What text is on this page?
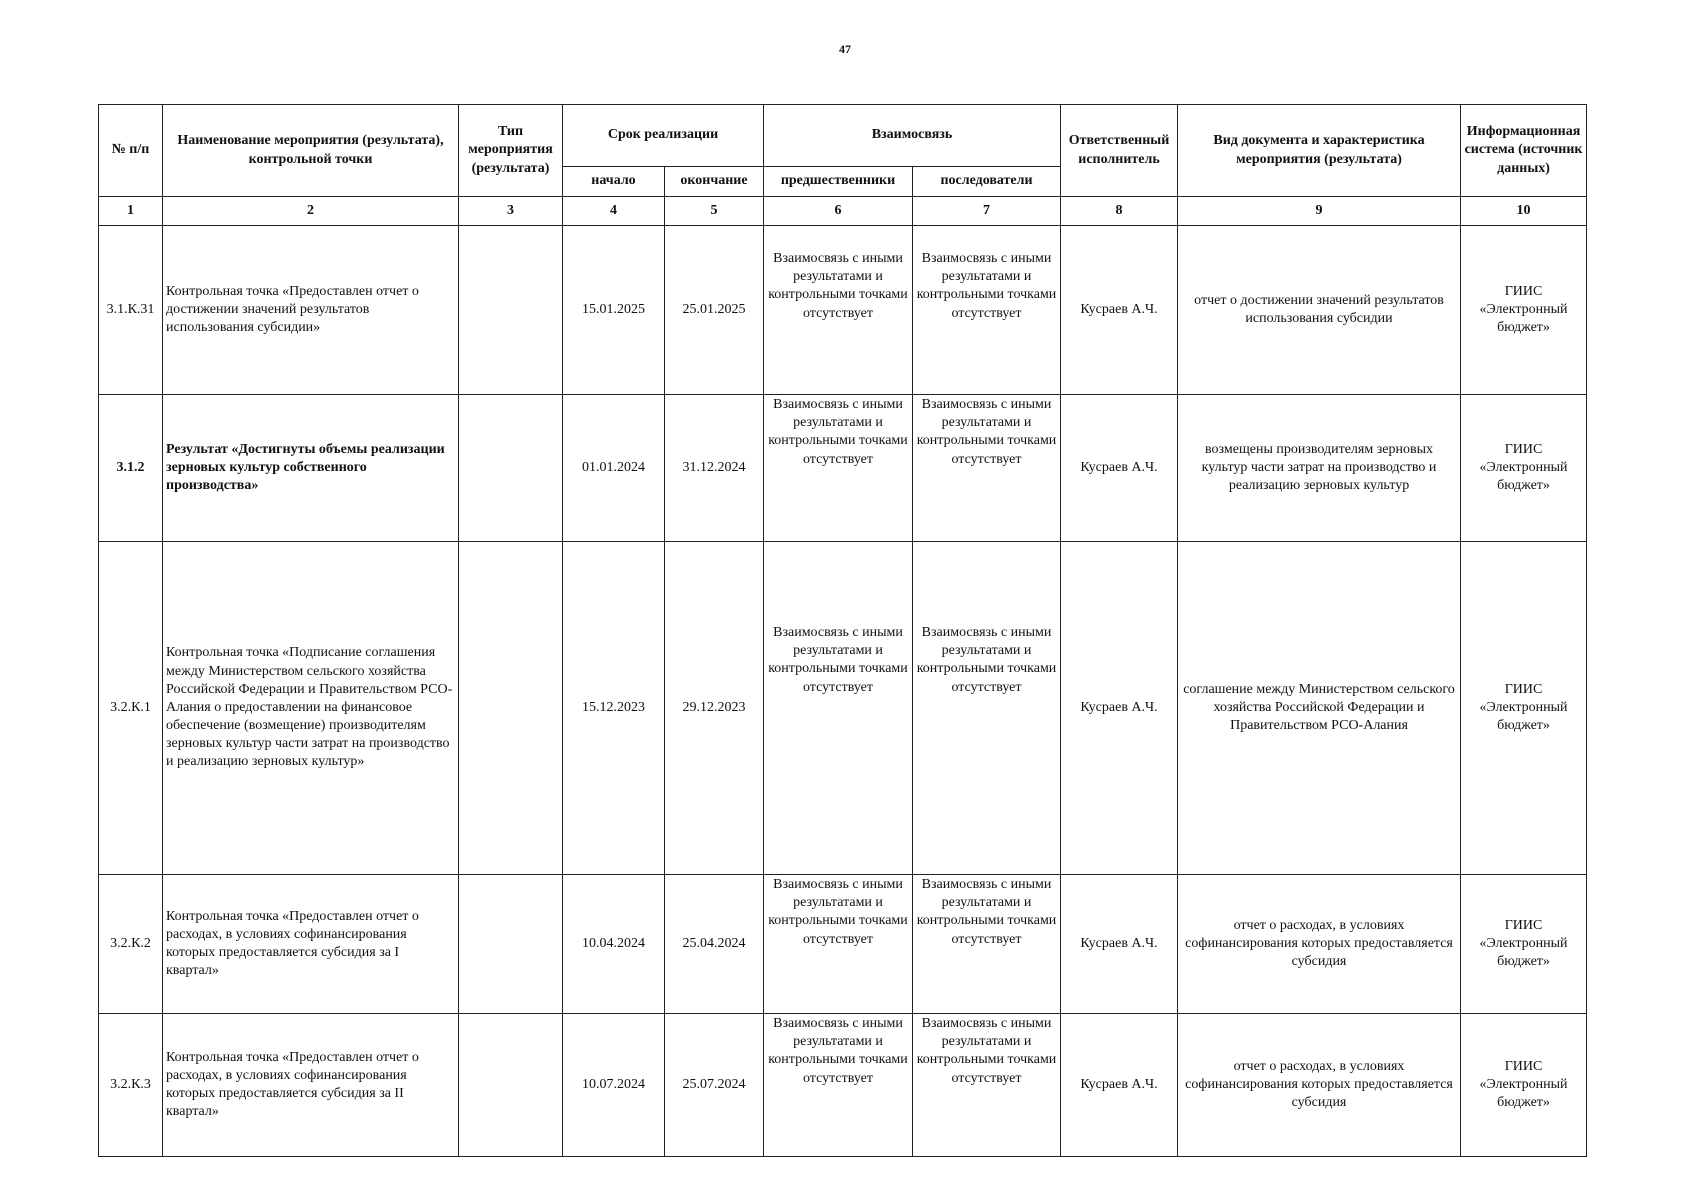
47
№ п/п	Наименование мероприятия (результата), контрольной точки	Тип мероприятия (результата)	Срок реализации		Взаимосвязь		Ответственный исполнитель	Вид документа и характеристика мероприятия (результата)	Информационная система (источник данных)
			начало	окончание	предшественники	последователи			
1	2	3	4	5	6	7	8	9	10
3.1.К.31	Контрольная точка «Предоставлен отчет о достижении значений результатов использования субсидии»		15.01.2025	25.01.2025	Взаимосвязь с иными результатами и контрольными точками отсутствует	Взаимосвязь с иными результатами и контрольными точками отсутствует	Кусраев А.Ч.	отчет о достижении значений результатов использования субсидии	ГИИС «Электронный бюджет»
3.1.2	Результат «Достигнуты объемы реализации зерновых культур собственного производства»		01.01.2024	31.12.2024	Взаимосвязь с иными результатами и контрольными точками отсутствует	Взаимосвязь с иными результатами и контрольными точками отсутствует	Кусраев А.Ч.	возмещены производителям зерновых культур части затрат на производство и реализацию зерновых культур	ГИИС «Электронный бюджет»
3.2.К.1	Контрольная точка «Подписание соглашения между Министерством сельского хозяйства Российской Федерации и Правительством РСО-Алания о предоставлении на финансовое обеспечение (возмещение) производителям зерновых культур части затрат на производство и реализацию зерновых культур»		15.12.2023	29.12.2023	Взаимосвязь с иными результатами и контрольными точками отсутствует	Взаимосвязь с иными результатами и контрольными точками отсутствует	Кусраев А.Ч.	соглашение между Министерством сельского хозяйства Российской Федерации и Правительством РСО-Алания	ГИИС «Электронный бюджет»
3.2.К.2	Контрольная точка «Предоставлен отчет о расходах, в условиях софинансирования которых предоставляется субсидия за I квартал»		10.04.2024	25.04.2024	Взаимосвязь с иными результатами и контрольными точками отсутствует	Взаимосвязь с иными результатами и контрольными точками отсутствует	Кусраев А.Ч.	отчет о расходах, в условиях софинансирования которых предоставляется субсидия	ГИИС «Электронный бюджет»
3.2.К.3	Контрольная точка «Предоставлен отчет о расходах, в условиях софинансирования которых предоставляется субсидия за II квартал»		10.07.2024	25.07.2024	Взаимосвязь с иными результатами и контрольными точками отсутствует	Взаимосвязь с иными результатами и контрольными точками отсутствует	Кусраев А.Ч.	отчет о расходах, в условиях софинансирования которых предоставляется субсидия	ГИИС «Электронный бюджет»
